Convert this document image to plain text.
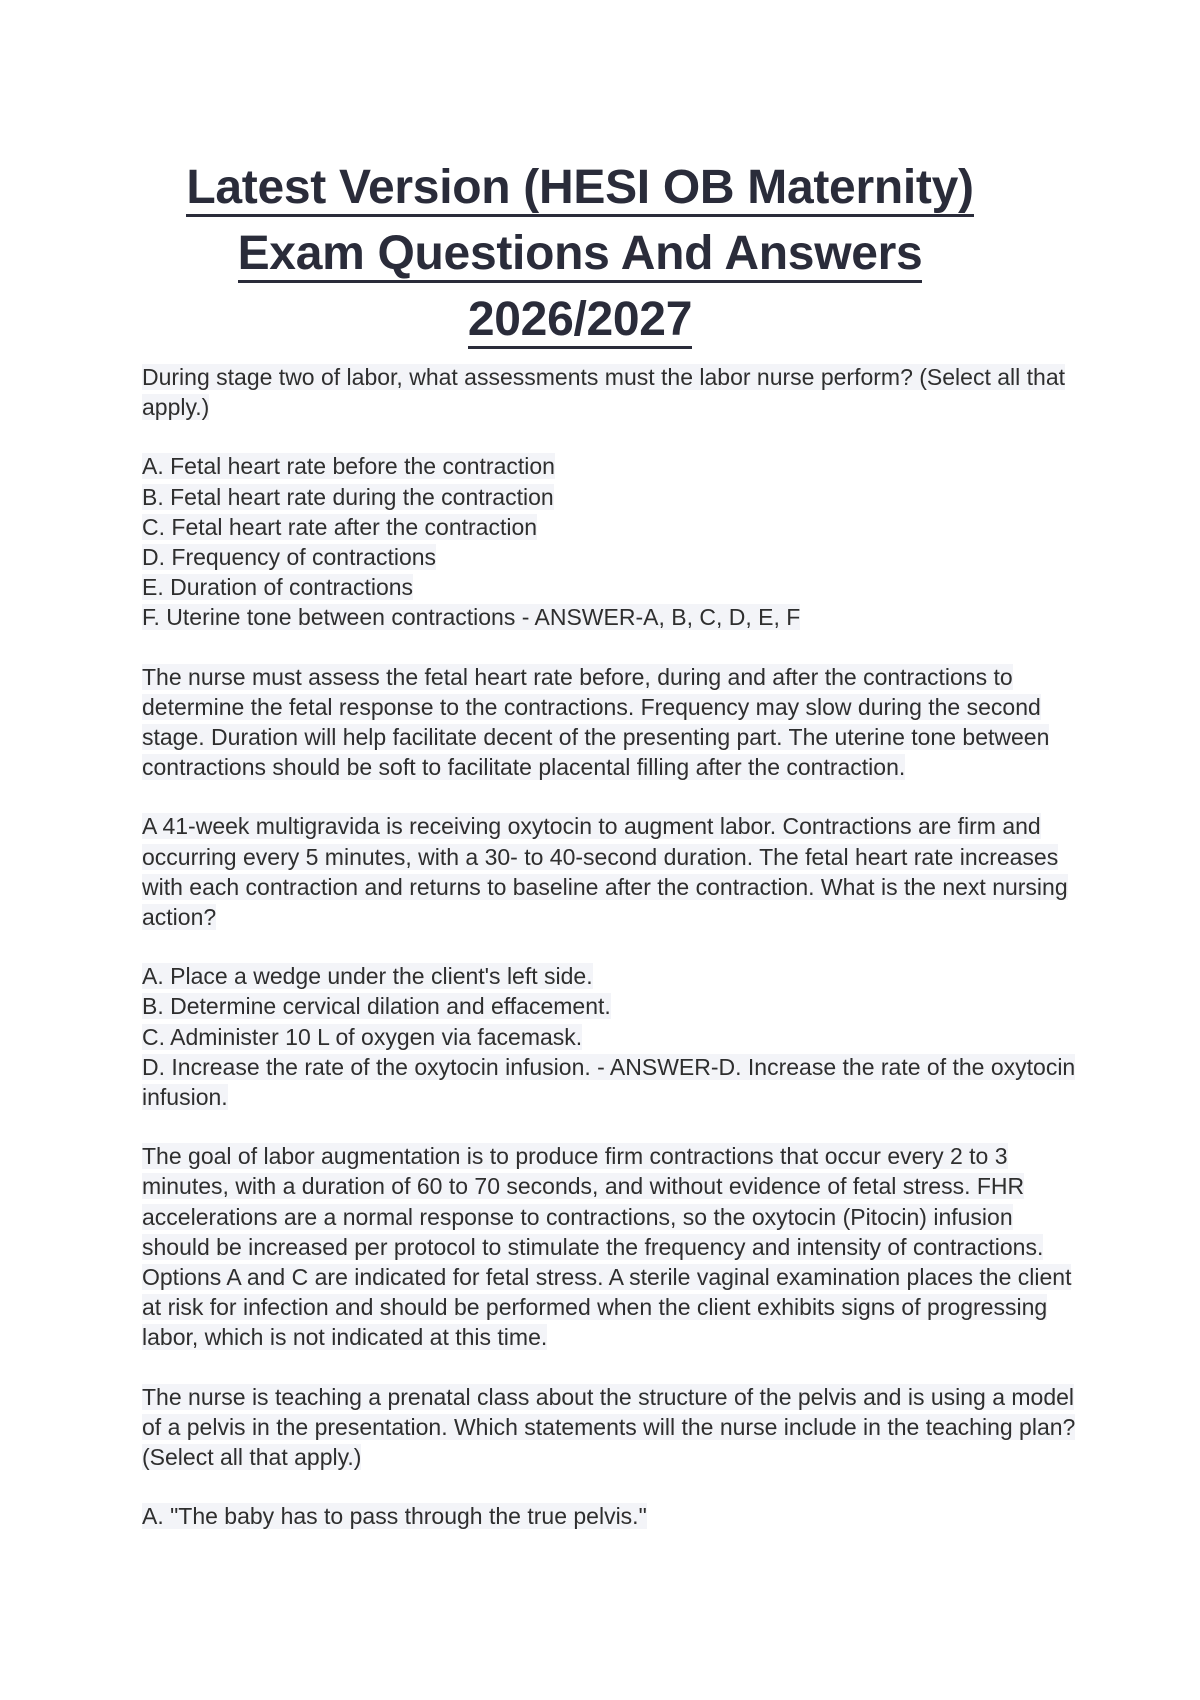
Latest Version (HESI OB Maternity)
Exam Questions And Answers
2026/2027

During stage two of labor, what assessments must the labor nurse perform? (Select all that apply.)

A. Fetal heart rate before the contraction
B. Fetal heart rate during the contraction
C. Fetal heart rate after the contraction
D. Frequency of contractions
E. Duration of contractions
F. Uterine tone between contractions - ANSWER-A, B, C, D, E, F

The nurse must assess the fetal heart rate before, during and after the contractions to determine the fetal response to the contractions. Frequency may slow during the second stage. Duration will help facilitate decent of the presenting part. The uterine tone between contractions should be soft to facilitate placental filling after the contraction.

A 41-week multigravida is receiving oxytocin to augment labor. Contractions are firm and occurring every 5 minutes, with a 30- to 40-second duration. The fetal heart rate increases with each contraction and returns to baseline after the contraction. What is the next nursing action?

A. Place a wedge under the client's left side.
B. Determine cervical dilation and effacement.
C. Administer 10 L of oxygen via facemask.
D. Increase the rate of the oxytocin infusion. - ANSWER-D. Increase the rate of the oxytocin infusion.

The goal of labor augmentation is to produce firm contractions that occur every 2 to 3 minutes, with a duration of 60 to 70 seconds, and without evidence of fetal stress. FHR accelerations are a normal response to contractions, so the oxytocin (Pitocin) infusion should be increased per protocol to stimulate the frequency and intensity of contractions. Options A and C are indicated for fetal stress. A sterile vaginal examination places the client at risk for infection and should be performed when the client exhibits signs of progressing labor, which is not indicated at this time.

The nurse is teaching a prenatal class about the structure of the pelvis and is using a model of a pelvis in the presentation. Which statements will the nurse include in the teaching plan? (Select all that apply.)

A. "The baby has to pass through the true pelvis."
